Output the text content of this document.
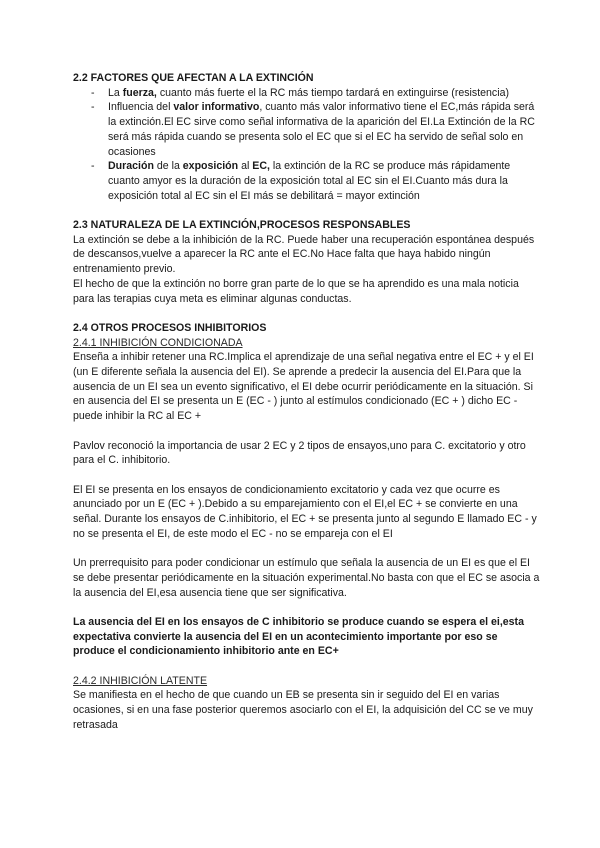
2.2 FACTORES QUE AFECTAN A LA EXTINCIÓN
- La fuerza, cuanto más fuerte el la RC más tiempo tardará en extinguirse (resistencia)
- Influencia del valor informativo, cuanto más valor informativo tiene el EC,más rápida será la extinción.El EC sirve como señal informativa de la aparición del EI.La Extinción de la RC será más rápida cuando se presenta solo el EC que si el EC ha servido de señal solo en ocasiones
- Duración de la exposición al EC, la extinción de la RC se produce más rápidamente cuanto amyor es la duración de la exposición total al EC sin el EI.Cuanto más dura la exposición total al EC sin el EI más se debilitará = mayor extinción
2.3 NATURALEZA DE LA EXTINCIÓN,PROCESOS RESPONSABLES

La extinción se debe a la inhibición de la RC. Puede haber una recuperación espontánea después de descansos,vuelve a aparecer la RC ante el EC.No Hace falta que haya habido ningún entrenamiento previo.

El hecho de que la extinción no borre gran parte de lo que se ha aprendido es una mala noticia para las terapias cuya meta es eliminar algunas conductas.

2.4 OTROS PROCESOS INHIBITORIOS
2.4.1 INHIBICIÓN CONDICIONADA

Enseña a inhibir retener una RC.Implica el aprendizaje de una señal negativa entre el EC + y el EI (un E diferente señala la ausencia del EI). Se aprende a predecir la ausencia del EI.Para que la ausencia de un EI sea un evento significativo, el EI debe ocurrir periódicamente en la situación. Si en ausencia del EI se presenta un E (EC - ) junto al estímulos condicionado (EC + ) dicho EC - puede inhibir la RC al EC +

Pavlov reconoció la importancia de usar 2 EC y 2 tipos de ensayos,uno para C. excitatorio y otro para el C. inhibitorio.

El EI se presenta en los ensayos de condicionamiento excitatorio y cada vez que ocurre es anunciado por un E (EC + ).Debido a su emparejamiento con el EI,el EC + se convierte en una señal. Durante los ensayos de C.inhibitorio, el EC + se presenta junto al segundo E llamado EC - y no se presenta el EI, de este modo el EC - no se empareja con el EI

Un prerrequisito para poder condicionar un estímulo que señala la ausencia de un EI es que el EI se debe presentar periódicamente en la situación experimental.No basta con que el EC se asocia a la ausencia del EI,esa ausencia tiene que ser significativa.

La ausencia del EI en los ensayos de C inhibitorio se produce cuando se espera el ei,esta expectativa convierte la ausencia del EI en un acontecimiento importante por eso se produce el condicionamiento inhibitorio ante en EC+

2.4.2 INHIBICIÓN LATENTE

Se manifiesta en el hecho de que cuando un EB se presenta sin ir seguido del EI en varias ocasiones, si en una fase posterior queremos asociarlo con el EI, la adquisición del CC se ve muy retrasada
